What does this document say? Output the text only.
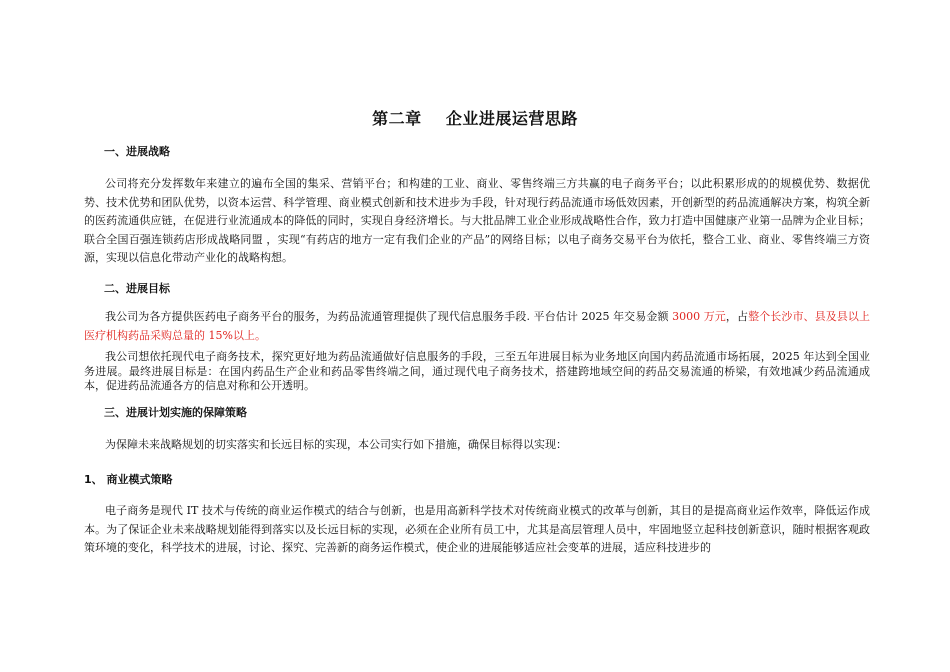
第二章    企业进展运营思路
一、进展战略

公司将充分发挥数年来建立的遍布全国的集采、营销平台；和构建的工业、商业、零售终端三方共赢的电子商务平台；以此积累形成的的规模优势、数据优势、技术优势和团队优势，以资本运营、科学管理、商业模式创新和技术进步为手段，针对现行药品流通市场低效因素，开创新型的药品流通解决方案，构筑全新的医药流通供应链，在促进行业流通成本的降低的同时，实现自身经济增长。与大批品牌工业企业形成战略性合作，致力打造中国健康产业第一品牌为企业目标；联合全国百强连锁药店形成战略同盟 ，实现“有药店的地方一定有我们企业的产品”的网络目标；以电子商务交易平台为依托，整合工业、商业、零售终端三方资源，实现以信息化带动产业化的战略构想。

二、进展目标

我公司为各方提供医药电子商务平台的服务，为药品流通管理提供了现代信息服务手段. 平台估计 2025 年交易金额 3000 万元，占整个长沙市、县及县以上医疗机构药品采购总量的 15%以上。

我公司想依托现代电子商务技术，探究更好地为药品流通做好信息服务的手段，三至五年进展目标为业务地区向国内药品流通市场拓展，2025 年达到全国业务进展。最终进展目标是：在国内药品生产企业和药品零售终端之间，通过现代电子商务技术，搭建跨地域空间的药品交易流通的桥梁，有效地减少药品流通成本，促进药品流通各方的信息对称和公开透明。

三、进展计划实施的保障策略

为保障未来战略规划的切实落实和长远目标的实现，本公司实行如下措施，确保目标得以实现：

1、 商业模式策略

电子商务是现代 IT 技术与传统的商业运作模式的结合与创新，也是用高新科学技术对传统商业模式的改革与创新，其目的是提高商业运作效率，降低运作成本。为了保证企业未来战略规划能得到落实以及长远目标的实现，必须在企业所有员工中，尤其是高层管理人员中，牢固地竖立起科技创新意识，随时根据客观政策环境的变化，科学技术的进展，讨论、探究、完善新的商务运作模式，使企业的进展能够适应社会变革的进展，适应科技进步的
